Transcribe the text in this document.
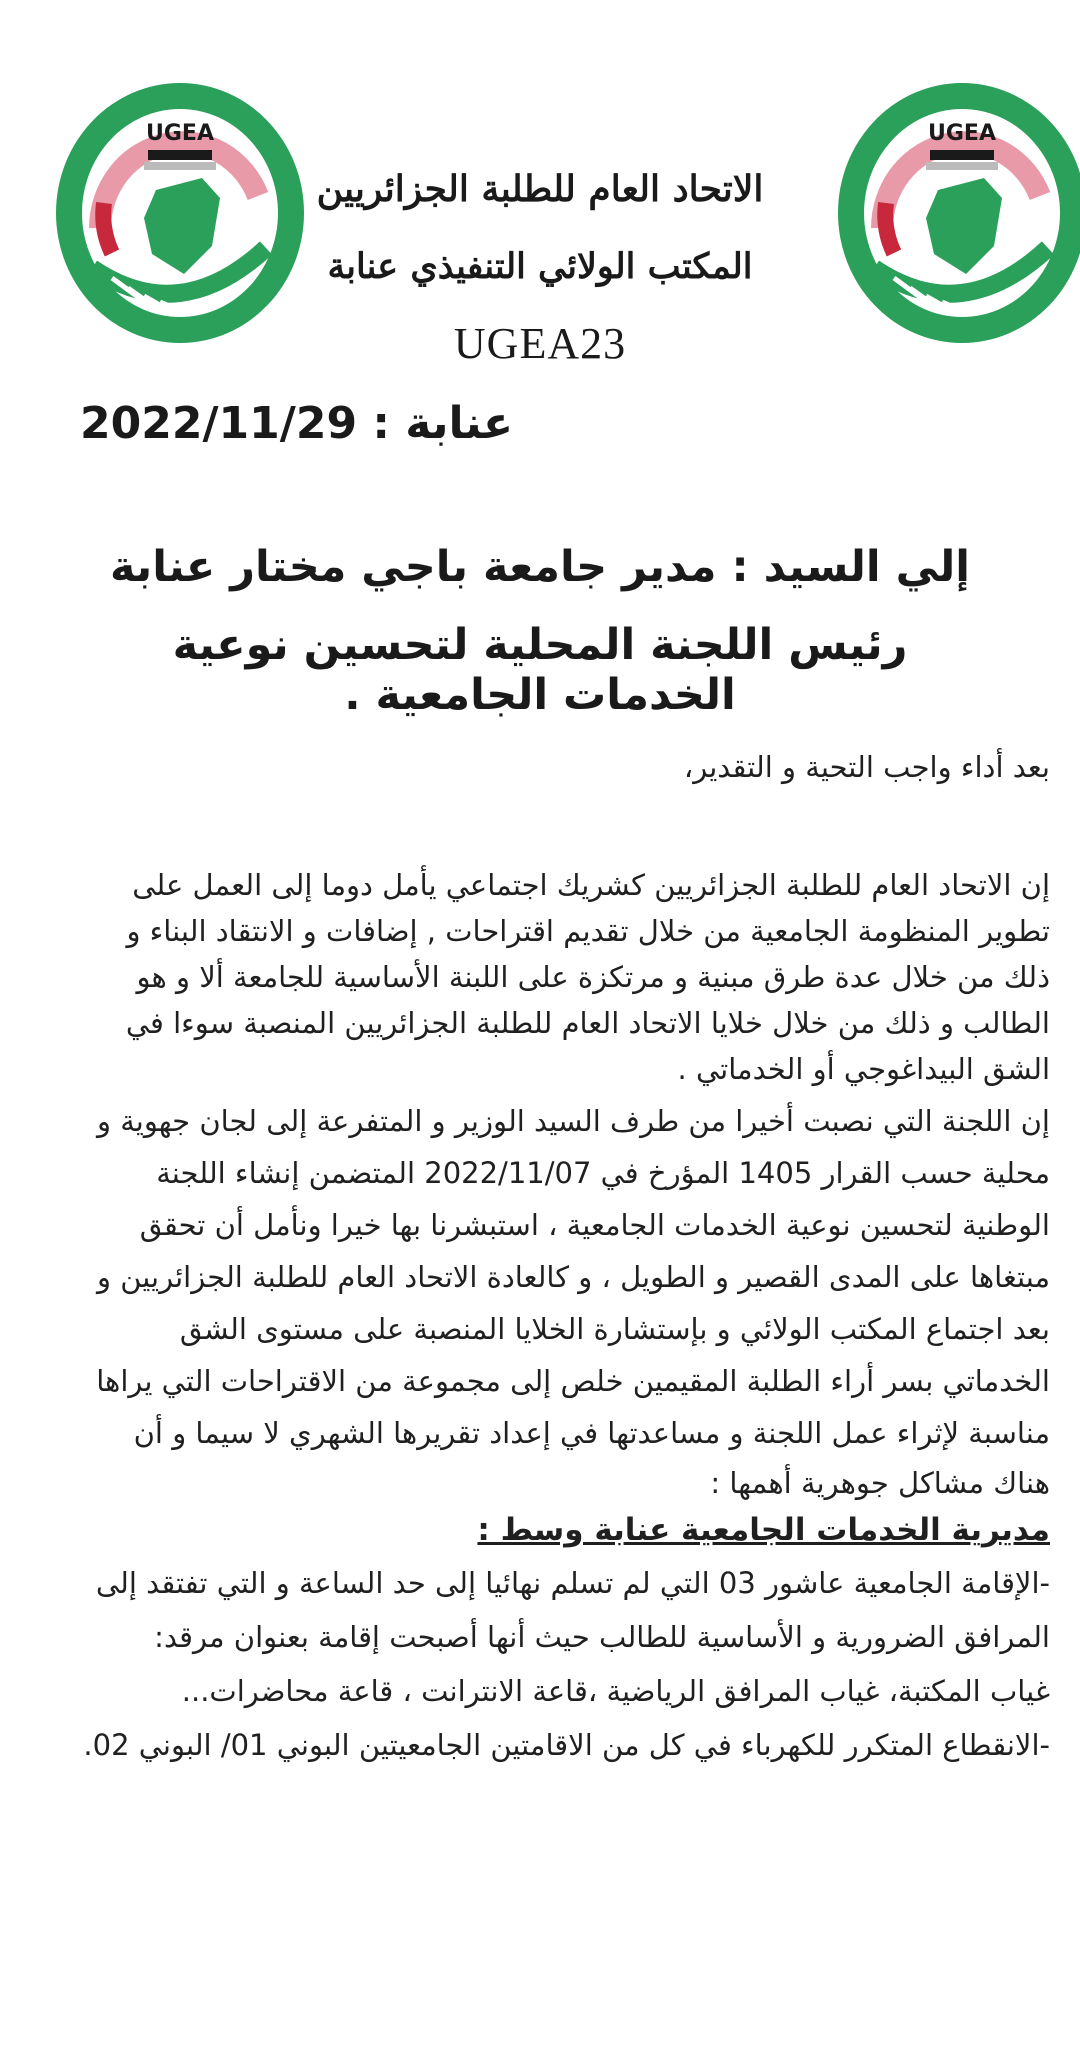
UGEA	UGEA
الاتحاد العام للطلبة الجزائريين
المكتب الولائي التنفيذي عنابة
UGEA23
عنابة : 2022/11/29
إلي السيد : مدير جامعة باجي مختار عنابة
رئيس اللجنة المحلية لتحسين نوعية الخدمات الجامعية .
بعد أداء واجب التحية و التقدير،
إن الاتحاد العام للطلبة الجزائريين كشريك اجتماعي يأمل دوما إلى العمل على
تطوير المنظومة الجامعية من خلال تقديم اقتراحات , إضافات و الانتقاد البناء و
ذلك من خلال عدة طرق مبنية و مرتكزة على اللبنة الأساسية للجامعة ألا و هو
الطالب و ذلك من خلال خلايا الاتحاد العام للطلبة الجزائريين المنصبة سوءا في
الشق البيداغوجي أو الخدماتي .
إن اللجنة التي نصبت أخيرا من طرف السيد الوزير و المتفرعة إلى لجان جهوية و
محلية حسب القرار 1405 المؤرخ في 2022/11/07 المتضمن إنشاء اللجنة
الوطنية لتحسين نوعية الخدمات الجامعية ، استبشرنا بها خيرا ونأمل أن تحقق
مبتغاها على المدى القصير و الطويل ، و كالعادة الاتحاد العام للطلبة الجزائريين و
بعد اجتماع المكتب الولائي و بإستشارة الخلايا المنصبة على مستوى الشق
الخدماتي بسر أراء الطلبة المقيمين خلص إلى مجموعة من الاقتراحات التي يراها
مناسبة لإثراء عمل اللجنة و مساعدتها في إعداد تقريرها الشهري لا سيما و أن
هناك مشاكل جوهرية أهمها :
مديرية الخدمات الجامعية عنابة وسط :
-الإقامة الجامعية عاشور 03 التي لم تسلم نهائيا إلى حد الساعة و التي تفتقد إلى
المرافق الضرورية و الأساسية للطالب حيث أنها أصبحت إقامة بعنوان مرقد:
غياب المكتبة، غياب المرافق الرياضية ،قاعة الانترانت ، قاعة محاضرات...
-الانقطاع المتكرر للكهرباء في كل من الاقامتين الجامعيتين البوني 01/ البوني 02.
